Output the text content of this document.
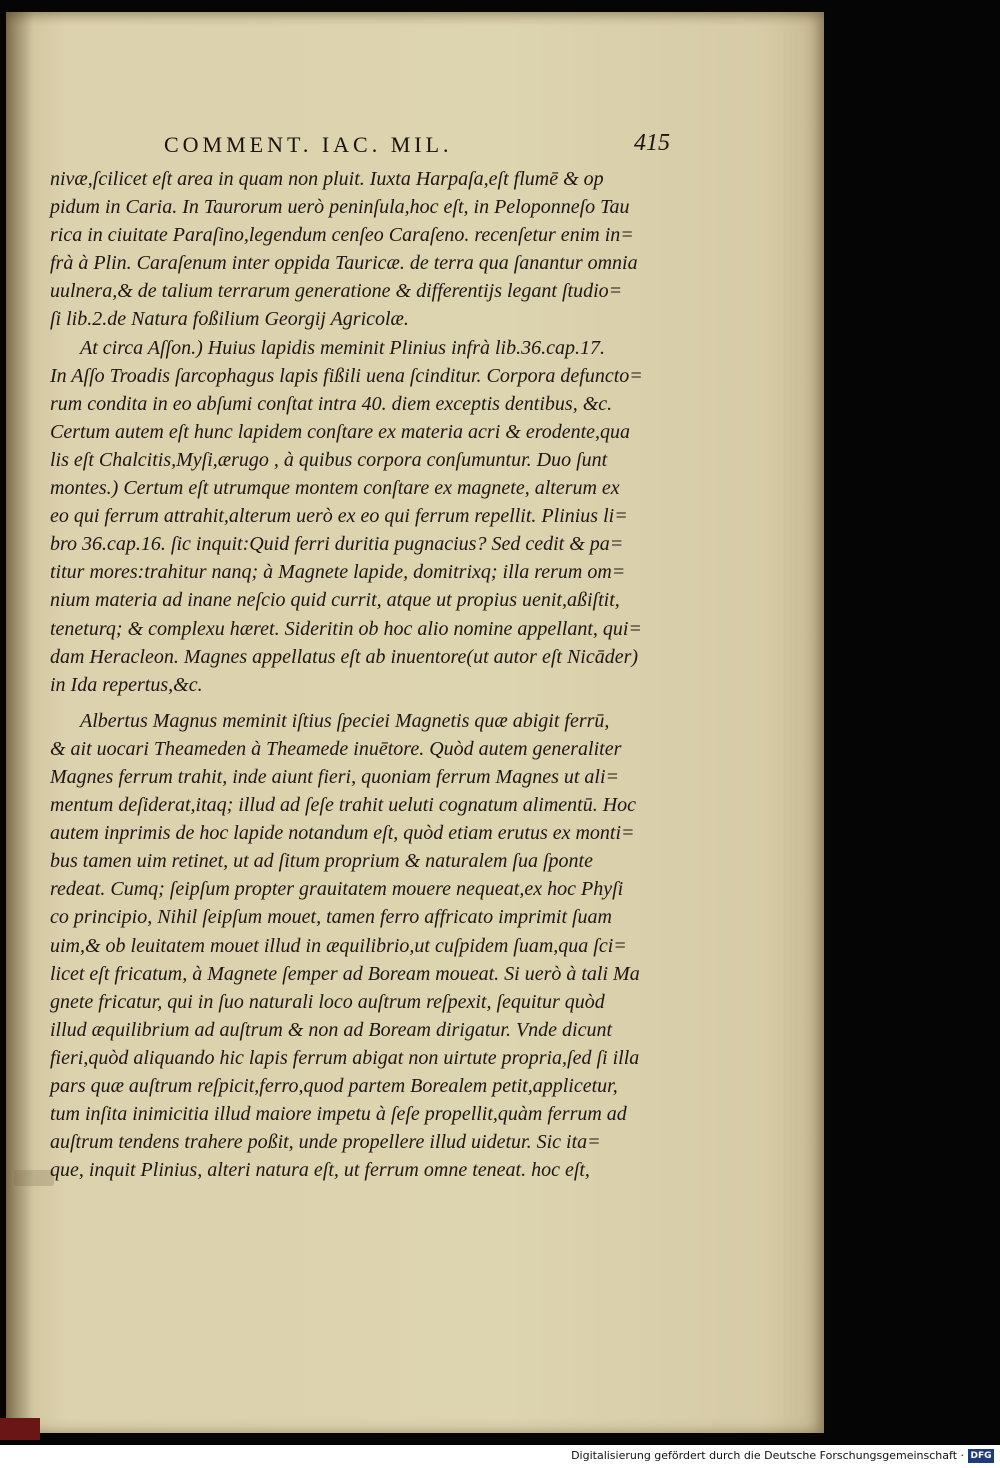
COMMENT. IAC. MIL.	415
nivæ,ſcilicet eſt area in quam non pluit. Iuxta Harpaſa,eſt flumē & op
pidum in Caria. In Taurorum uerò peninſula,hoc eſt, in Peloponneſo Tau
rica in ciuitate Paraſino,legendum cenſeo Caraſeno. recenſetur enim in=
frà à Plin. Caraſenum inter oppida Tauricæ. de terra qua ſanantur omnia
uulnera,& de talium terrarum generatione & differentijs legant ſtudio=
ſi lib.2.de Natura foßilium Georgij Agricolæ.
At circa Aſſon.) Huius lapidis meminit Plinius infrà lib.36.cap.17.
In Aſſo Troadis ſarcophagus lapis fißili uena ſcinditur. Corpora defuncto=
rum condita in eo abſumi conſtat intra 40. diem exceptis dentibus, &c.
Certum autem eſt hunc lapidem conſtare ex materia acri & erodente,qua
lis eſt Chalcitis,Myſi,ærugo , à quibus corpora conſumuntur. Duo ſunt
montes.) Certum eſt utrumque montem conſtare ex magnete, alterum ex
eo qui ferrum attrahit,alterum uerò ex eo qui ferrum repellit. Plinius li=
bro 36.cap.16. ſic inquit:Quid ferri duritia pugnacius? Sed cedit & pa=
titur mores:trahitur nanq; à Magnete lapide, domitrixq; illa rerum om=
nium materia ad inane neſcio quid currit, atque ut propius uenit,aßiſtit,
teneturq; & complexu hæret. Sideritin ob hoc alio nomine appellant, qui=
dam Heracleon. Magnes appellatus eſt ab inuentore(ut autor eſt Nicāder)
in Ida repertus,&c.
Albertus Magnus meminit iſtius ſpeciei Magnetis quæ abigit ferrū,
& ait uocari Theameden à Theamede inuētore. Quòd autem generaliter
Magnes ferrum trahit, inde aiunt fieri, quoniam ferrum Magnes ut ali=
mentum deſiderat,itaq; illud ad ſeſe trahit ueluti cognatum alimentū. Hoc
autem inprimis de hoc lapide notandum eſt, quòd etiam erutus ex monti=
bus tamen uim retinet, ut ad ſitum proprium & naturalem ſua ſponte
redeat. Cumq; ſeipſum propter grauitatem mouere nequeat,ex hoc Phyſi
co principio, Nihil ſeipſum mouet, tamen ferro affricato imprimit ſuam
uim,& ob leuitatem mouet illud in æquilibrio,ut cuſpidem ſuam,qua ſci=
licet eſt fricatum, à Magnete ſemper ad Boream moueat. Si uerò à tali Ma
gnete fricatur, qui in ſuo naturali loco auſtrum reſpexit, ſequitur quòd
illud æquilibrium ad auſtrum & non ad Boream dirigatur. Vnde dicunt
fieri,quòd aliquando hic lapis ferrum abigat non uirtute propria,ſed ſi illa
pars quæ auſtrum reſpicit,ferro,quod partem Borealem petit,applicetur,
tum inſita inimicitia illud maiore impetu à ſeſe propellit,quàm ferrum ad
auſtrum tendens trahere poßit, unde propellere illud uidetur. Sic ita=
que, inquit Plinius, alteri natura eſt, ut ferrum omne teneat. hoc eſt,
Digitalisierung gefördert durch die Deutsche Forschungsgemeinschaft · DFG
